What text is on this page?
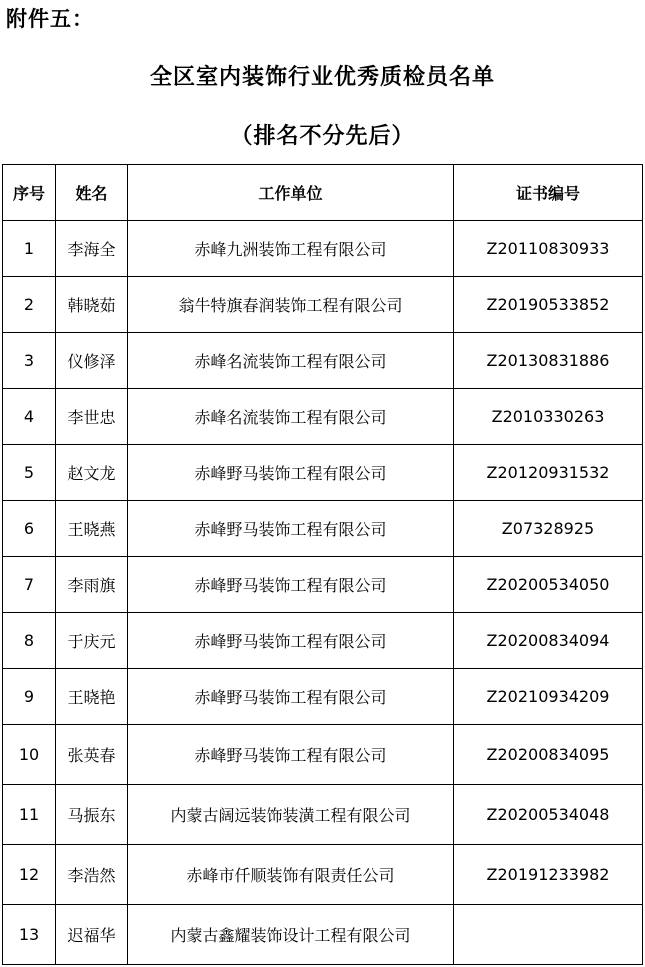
附件五：
全区室内装饰行业优秀质检员名单
（排名不分先后）
序号	姓名	工作单位	证书编号
1	李海全	赤峰九洲装饰工程有限公司	Z20110830933
2	韩晓茹	翁牛特旗春润装饰工程有限公司	Z20190533852
3	仪修泽	赤峰名流装饰工程有限公司	Z20130831886
4	李世忠	赤峰名流装饰工程有限公司	Z2010330263
5	赵文龙	赤峰野马装饰工程有限公司	Z20120931532
6	王晓燕	赤峰野马装饰工程有限公司	Z07328925
7	李雨旗	赤峰野马装饰工程有限公司	Z20200534050
8	于庆元	赤峰野马装饰工程有限公司	Z20200834094
9	王晓艳	赤峰野马装饰工程有限公司	Z20210934209
10	张英春	赤峰野马装饰工程有限公司	Z20200834095
11	马振东	内蒙古阔远装饰装潢工程有限公司	Z20200534048
12	李浩然	赤峰市仟顺装饰有限责任公司	Z20191233982
13	迟福华	内蒙古鑫耀装饰设计工程有限公司	
